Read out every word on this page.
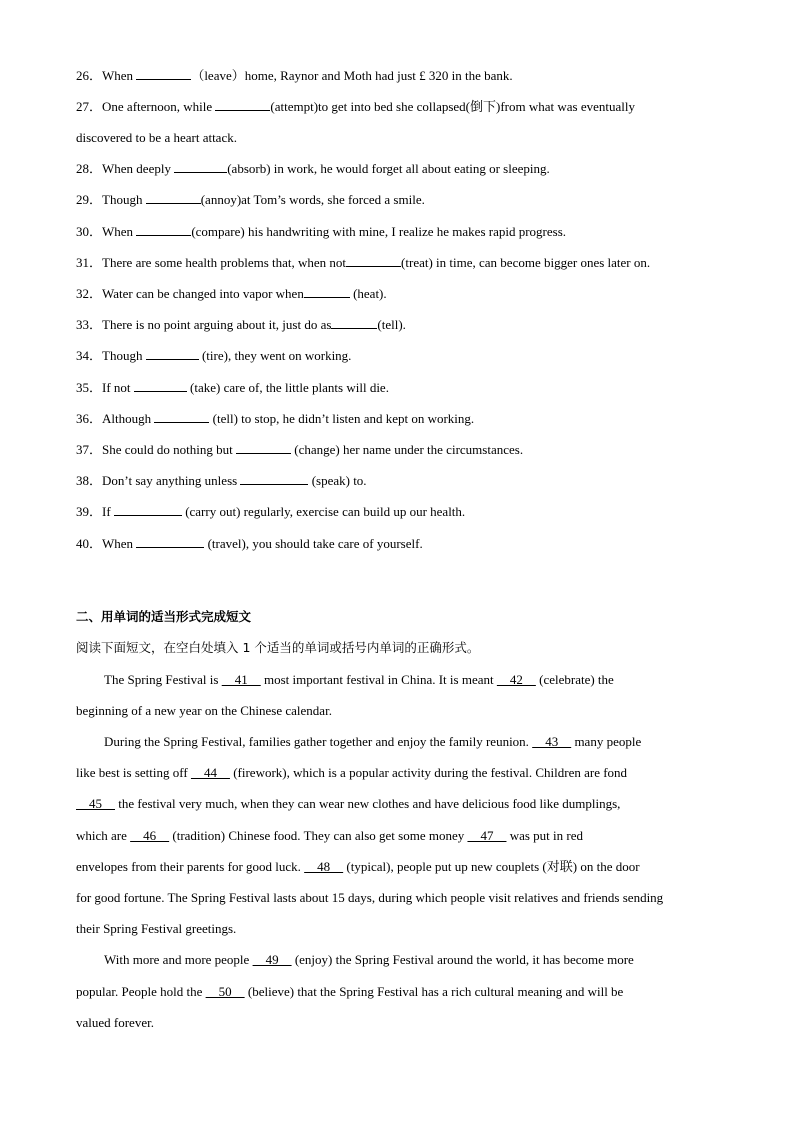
26．When	（leave）home, Raynor and Moth had just £ 320 in the bank.
27．One afternoon, while	(attempt)to get into bed she collapsed(倒下)from what was eventually
discovered to be a heart attack.
28．When deeply	(absorb) in work, he would forget all about eating or sleeping.
29．Though	(annoy)at Tom’s words, she forced a smile.
30．When	(compare) his handwriting with mine, I realize he makes rapid progress.
31．There are some health problems that, when not	(treat) in time, can become bigger ones later on.
32．Water can be changed into vapor when	(heat).
33．There is no point arguing about it, just do as	(tell).
34．Though	(tire), they went on working.
35．If not	(take) care of, the little plants will die.
36．Although	(tell) to stop, he didn’t listen and kept on working.
37．She could do nothing but	(change) her name under the circumstances.
38．Don’t say anything unless	(speak) to.
39．If	(carry out) regularly, exercise can build up our health.
40．When	(travel), you should take care of yourself.
二、用单词的适当形式完成短文
阅读下面短文，在空白处填入 1 个适当的单词或括号内单词的正确形式。
The Spring Festival is     41     most important festival in China. It is meant     42     (celebrate) the
beginning of a new year on the Chinese calendar.
During the Spring Festival, families gather together and enjoy the family reunion.     43     many people
like best is setting off     44     (firework), which is a popular activity during the festival. Children are fond
45     the festival very much, when they can wear new clothes and have delicious food like dumplings,
which are     46     (tradition) Chinese food. They can also get some money     47     was put in red
envelopes from their parents for good luck.     48     (typical), people put up new couplets (对联) on the door
for good fortune. The Spring Festival lasts about 15 days, during which people visit relatives and friends sending
their Spring Festival greetings.
With more and more people     49     (enjoy) the Spring Festival around the world, it has become more
popular. People hold the     50     (believe) that the Spring Festival has a rich cultural meaning and will be
valued forever.
